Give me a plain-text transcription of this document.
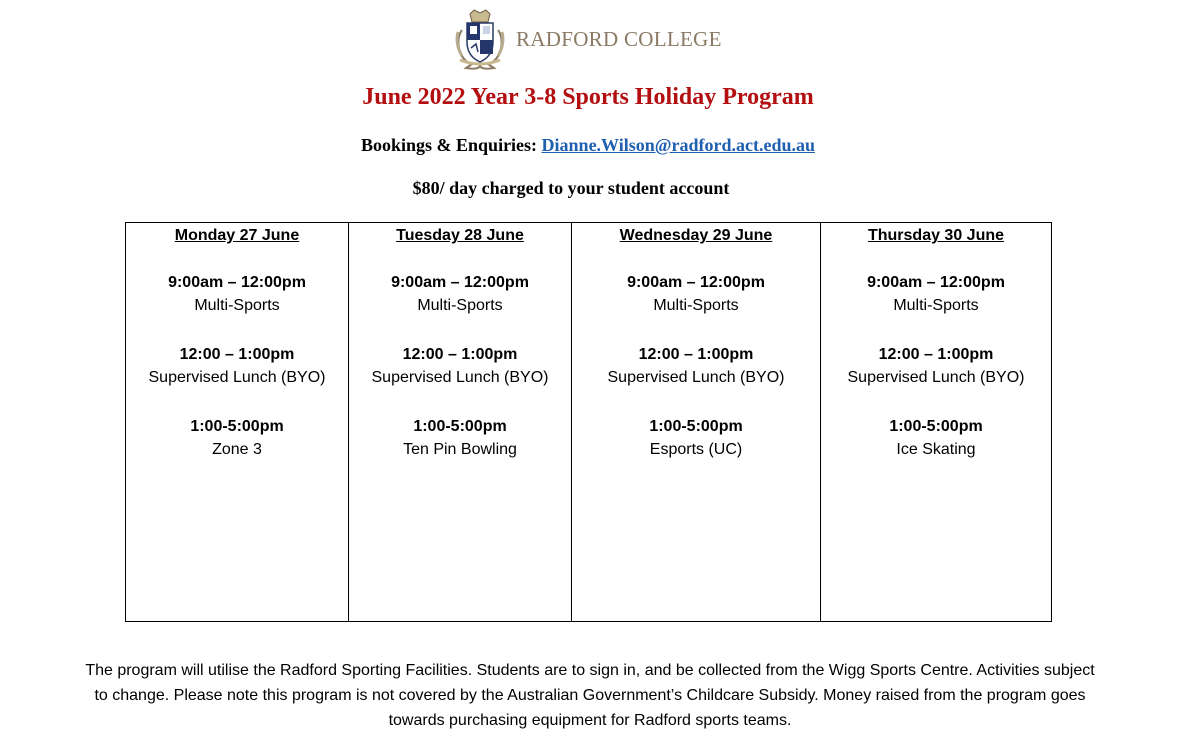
RADFORD COLLEGE
June 2022 Year 3-8 Sports Holiday Program
Bookings & Enquiries: Dianne.Wilson@radford.act.edu.au
$80/ day charged to your student account
Monday 27 June
9:00am – 12:00pm
Multi-Sports
12:00 – 1:00pm
Supervised Lunch (BYO)
1:00-5:00pm
Zone 3

Tuesday 28 June
9:00am – 12:00pm
Multi-Sports
12:00 – 1:00pm
Supervised Lunch (BYO)
1:00-5:00pm
Ten Pin Bowling

Wednesday 29 June
9:00am – 12:00pm
Multi-Sports
12:00 – 1:00pm
Supervised Lunch (BYO)
1:00-5:00pm
Esports (UC)

Thursday 30 June
9:00am – 12:00pm
Multi-Sports
12:00 – 1:00pm
Supervised Lunch (BYO)
1:00-5:00pm
Ice Skating
The program will utilise the Radford Sporting Facilities. Students are to sign in, and be collected from the Wigg Sports Centre. Activities subject
to change. Please note this program is not covered by the Australian Government’s Childcare Subsidy. Money raised from the program goes
towards purchasing equipment for Radford sports teams.
